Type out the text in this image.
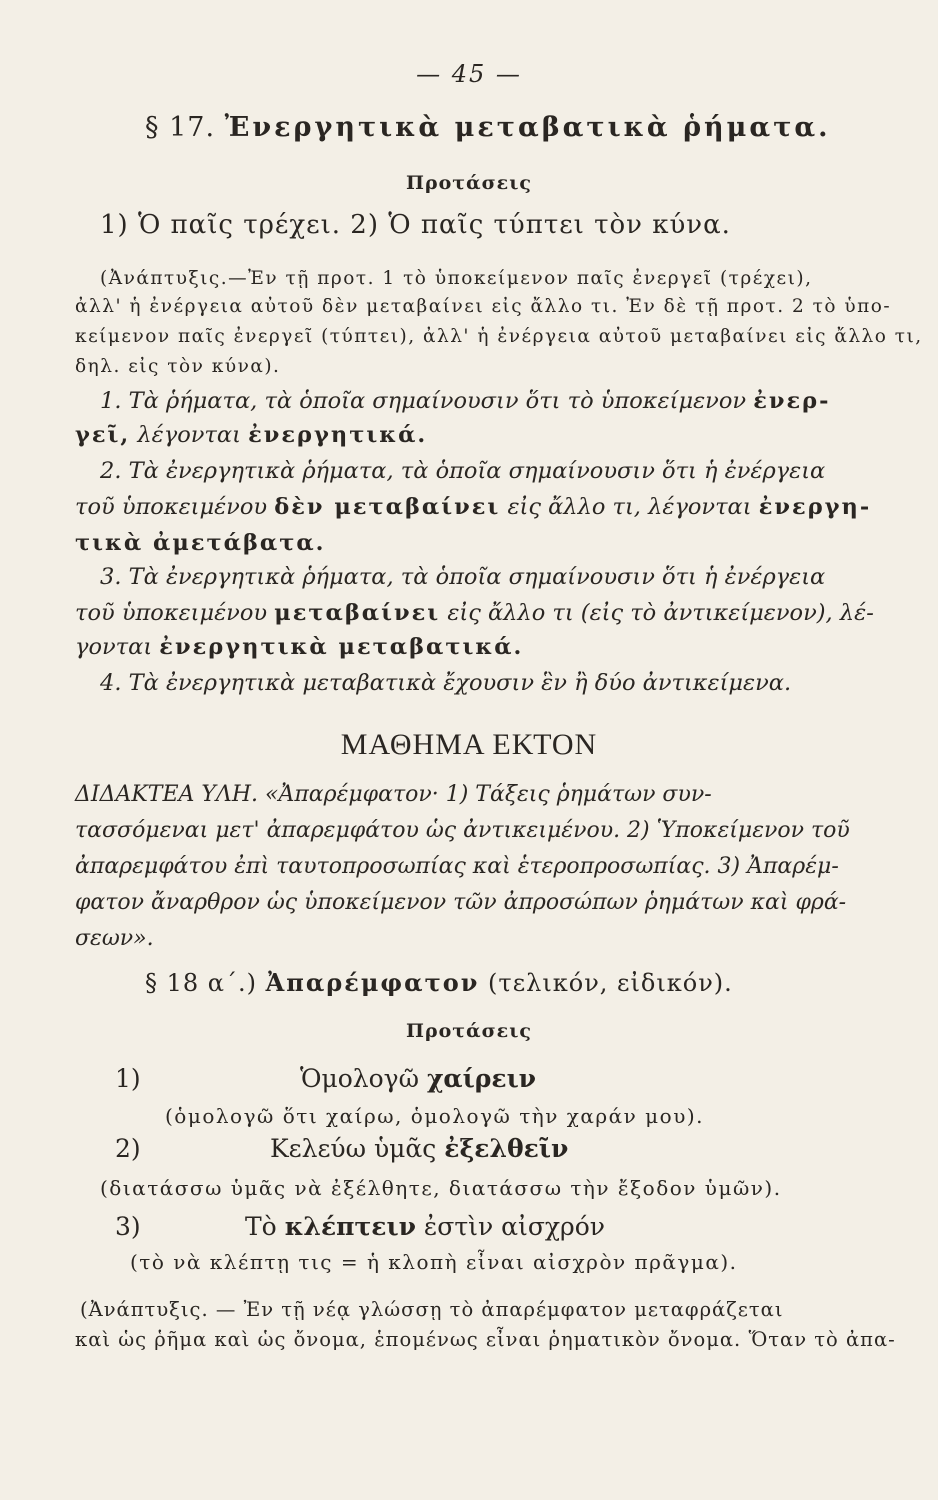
— 45 —
§ 17. Ἐνεργητικὰ μεταβατικὰ ῥήματα.
Προτάσεις
1) Ὁ παῖς τρέχει. 2) Ὁ παῖς τύπτει τὸν κύνα.
(Ἀνάπτυξις.—Ἐν τῇ προτ. 1 τὸ ὑποκείμενον παῖς ἐνεργεῖ (τρέχει),
ἀλλ' ἡ ἐνέργεια αὐτοῦ δὲν μεταβαίνει εἰς ἄλλο τι. Ἐν δὲ τῇ προτ. 2 τὸ ὑπο-
κείμενον παῖς ἐνεργεῖ (τύπτει), ἀλλ' ἡ ἐνέργεια αὐτοῦ μεταβαίνει εἰς ἄλλο τι,
δηλ. εἰς τὸν κύνα).
1. Τὰ ῥήματα, τὰ ὁποῖα σημαίνουσιν ὅτι τὸ ὑποκείμενον ἐνερ-
γεῖ, λέγονται ἐνεργητικά.
2. Τὰ ἐνεργητικὰ ῥήματα, τὰ ὁποῖα σημαίνουσιν ὅτι ἡ ἐνέργεια
τοῦ ὑποκειμένου δὲν μεταβαίνει εἰς ἄλλο τι, λέγονται ἐνεργη-
τικὰ ἀμετάβατα.
3. Τὰ ἐνεργητικὰ ῥήματα, τὰ ὁποῖα σημαίνουσιν ὅτι ἡ ἐνέργεια
τοῦ ὑποκειμένου μεταβαίνει εἰς ἄλλο τι (εἰς τὸ ἀντικείμενον), λέ-
γονται ἐνεργητικὰ μεταβατικά.
4. Τὰ ἐνεργητικὰ μεταβατικὰ ἔχουσιν ἓν ἢ δύο ἀντικείμενα.
ΜΑΘΗΜΑ ΕΚΤΟΝ
ΔΙΔΑΚΤΕΑ ΥΛΗ. «Ἀπαρέμφατον· 1) Τάξεις ῥημάτων συν-
τασσόμεναι μετ' ἀπαρεμφάτου ὡς ἀντικειμένου. 2) Ὑποκείμενον τοῦ
ἀπαρεμφάτου ἐπὶ ταυτοπροσωπίας καὶ ἑτεροπροσωπίας. 3) Ἀπαρέμ-
φατον ἄναρθρον ὡς ὑποκείμενον τῶν ἀπροσώπων ῥημάτων καὶ φρά-
σεων».
§ 18 α΄.) Ἀπαρέμφατον (τελικόν, εἰδικόν).
Προτάσεις
1)	Ὁμολογῶ χαίρειν
(ὁμολογῶ ὅτι χαίρω, ὁμολογῶ τὴν χαράν μου).
2)	Κελεύω ὑμᾶς ἐξελθεῖν
(διατάσσω ὑμᾶς νὰ ἐξέλθητε, διατάσσω τὴν ἔξοδον ὑμῶν).
3)	Τὸ κλέπτειν ἐστὶν αἰσχρόν
(τὸ νὰ κλέπτῃ τις = ἡ κλοπὴ εἶναι αἰσχρὸν πρᾶγμα).
(Ἀνάπτυξις. — Ἐν τῇ νέᾳ γλώσσῃ τὸ ἀπαρέμφατον μεταφράζεται
καὶ ὡς ῥῆμα καὶ ὡς ὄνομα, ἑπομένως εἶναι ῥηματικὸν ὄνομα. Ὅταν τὸ ἀπα-
